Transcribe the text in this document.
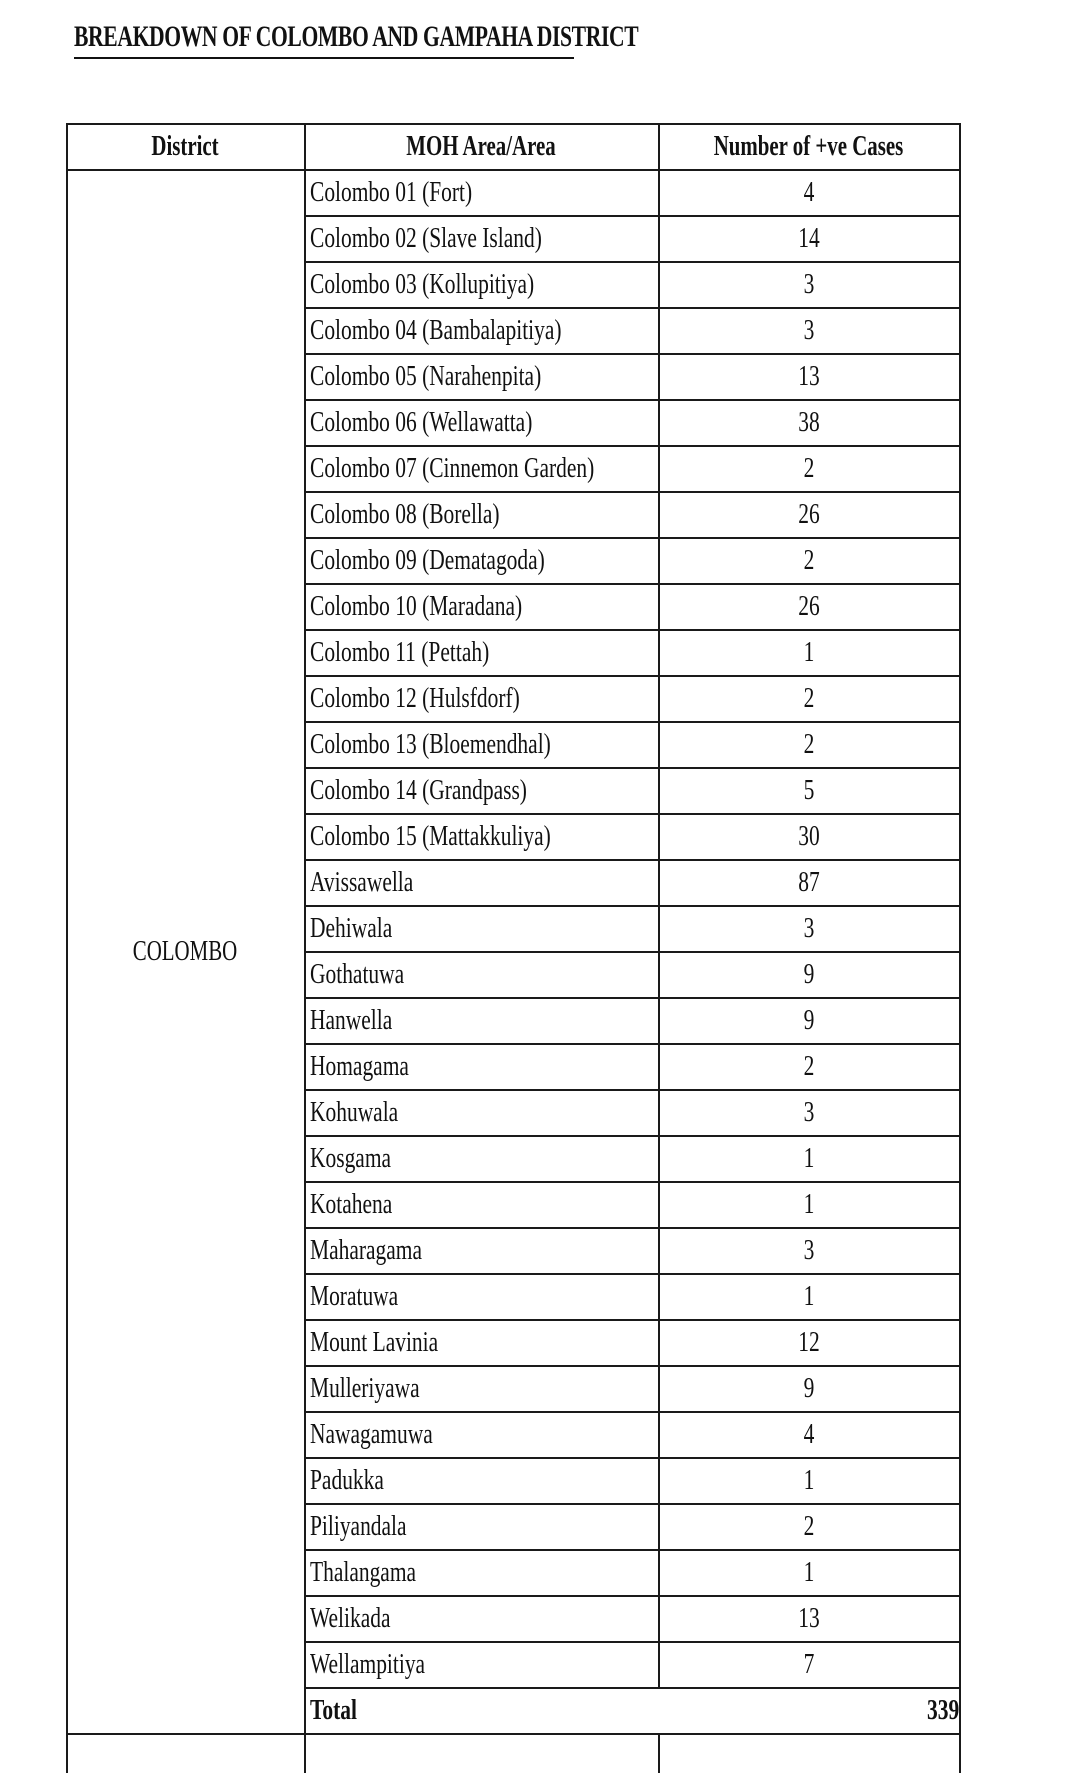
BREAKDOWN OF COLOMBO AND GAMPAHA DISTRICT
District	MOH Area/Area	Number of +ve Cases
Colombo 01 (Fort)	4
Colombo 02 (Slave Island)	14
Colombo 03 (Kollupitiya)	3
Colombo 04 (Bambalapitiya)	3
Colombo 05 (Narahenpita)	13
Colombo 06 (Wellawatta)	38
Colombo 07 (Cinnemon Garden)	2
Colombo 08 (Borella)	26
Colombo 09 (Dematagoda)	2
Colombo 10 (Maradana)	26
Colombo 11 (Pettah)	1
Colombo 12 (Hulsfdorf)	2
Colombo 13 (Bloemendhal)	2
Colombo 14 (Grandpass)	5
Colombo 15 (Mattakkuliya)	30
Avissawella	87
Dehiwala	3
Gothatuwa	9
Hanwella	9
Homagama	2
Kohuwala	3
Kosgama	1
Kotahena	1
Maharagama	3
Moratuwa	1
Mount Lavinia	12
Mulleriyawa	9
Nawagamuwa	4
Padukka	1
Piliyandala	2
Thalangama	1
Welikada	13
Wellampitiya	7
Total	339
COLOMBO
